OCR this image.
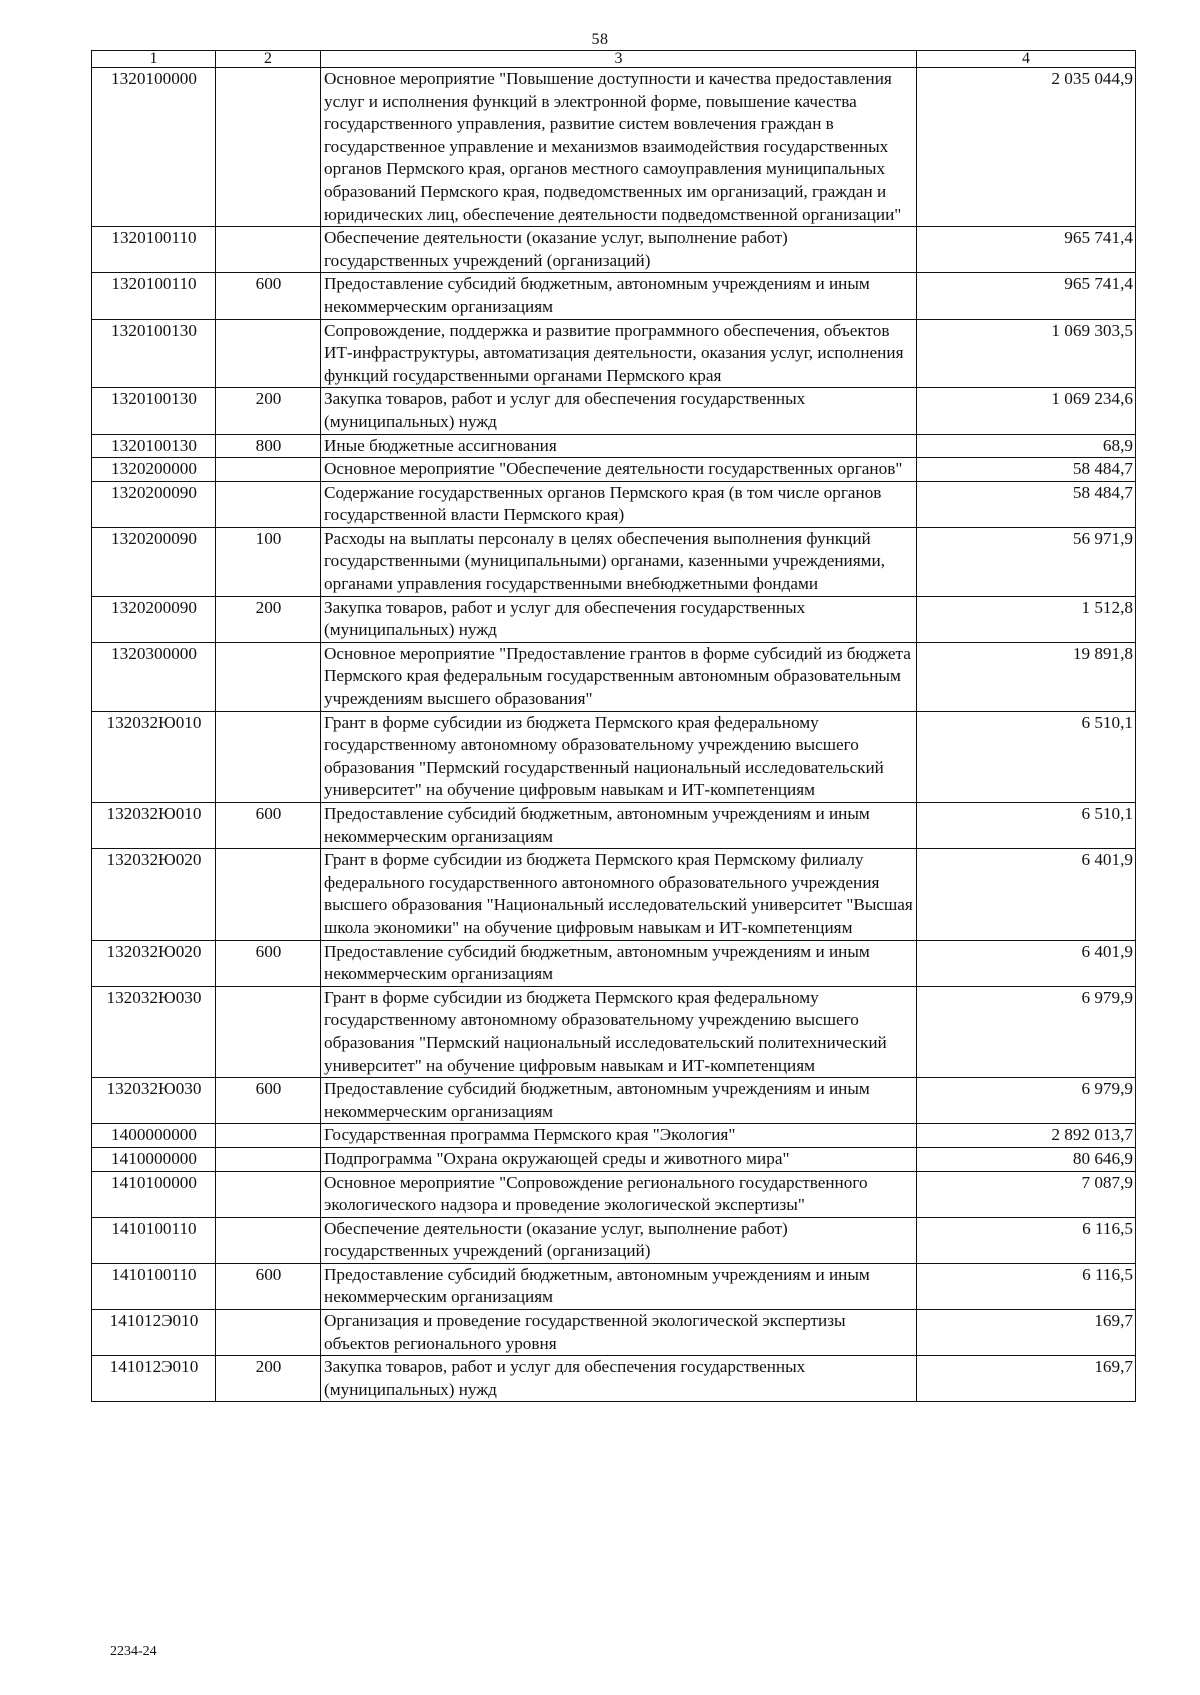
58
1	2	3	4
1320100000		Основное мероприятие "Повышение доступности и качества предоставления услуг и исполнения функций в электронной форме, повышение качества государственного управления, развитие систем вовлечения граждан в государственное управление и механизмов взаимодействия государственных органов Пермского края, органов местного самоуправления муниципальных образований Пермского края, подведомственных им организаций, граждан и юридических лиц, обеспечение деятельности подведомственной организации"	2 035 044,9
1320100110		Обеспечение деятельности (оказание услуг, выполнение работ) государственных учреждений (организаций)	965 741,4
1320100110	600	Предоставление субсидий бюджетным, автономным учреждениям и иным некоммерческим организациям	965 741,4
1320100130		Сопровождение, поддержка и развитие программного обеспечения, объектов ИТ-инфраструктуры, автоматизация деятельности, оказания услуг, исполнения функций государственными органами Пермского края	1 069 303,5
1320100130	200	Закупка товаров, работ и услуг для обеспечения государственных (муниципальных) нужд	1 069 234,6
1320100130	800	Иные бюджетные ассигнования	68,9
1320200000		Основное мероприятие "Обеспечение деятельности государственных органов"	58 484,7
1320200090		Содержание государственных органов Пермского края (в том числе органов государственной власти Пермского края)	58 484,7
1320200090	100	Расходы на выплаты персоналу в целях обеспечения выполнения функций государственными (муниципальными) органами, казенными учреждениями, органами управления государственными внебюджетными фондами	56 971,9
1320200090	200	Закупка товаров, работ и услуг для обеспечения государственных (муниципальных) нужд	1 512,8
1320300000		Основное мероприятие "Предоставление грантов в форме субсидий из бюджета Пермского края федеральным государственным автономным образовательным учреждениям высшего образования"	19 891,8
132032Ю010		Грант в форме субсидии из бюджета Пермского края федеральному государственному автономному образовательному учреждению высшего образования "Пермский государственный национальный исследовательский университет" на обучение цифровым навыкам и ИТ-компетенциям	6 510,1
132032Ю010	600	Предоставление субсидий бюджетным, автономным учреждениям и иным некоммерческим организациям	6 510,1
132032Ю020		Грант в форме субсидии из бюджета Пермского края Пермскому филиалу федерального государственного автономного образовательного учреждения высшего образования "Национальный исследовательский университет "Высшая школа экономики" на обучение цифровым навыкам и ИТ-компетенциям	6 401,9
132032Ю020	600	Предоставление субсидий бюджетным, автономным учреждениям и иным некоммерческим организациям	6 401,9
132032Ю030		Грант в форме субсидии из бюджета Пермского края федеральному государственному автономному образовательному учреждению высшего образования "Пермский национальный исследовательский политехнический университет" на обучение цифровым навыкам и ИТ-компетенциям	6 979,9
132032Ю030	600	Предоставление субсидий бюджетным, автономным учреждениям и иным некоммерческим организациям	6 979,9
1400000000		Государственная программа Пермского края "Экология"	2 892 013,7
1410000000		Подпрограмма "Охрана окружающей среды и животного мира"	80 646,9
1410100000		Основное мероприятие "Сопровождение регионального государственного экологического надзора и проведение экологической экспертизы"	7 087,9
1410100110		Обеспечение деятельности (оказание услуг, выполнение работ) государственных учреждений (организаций)	6 116,5
1410100110	600	Предоставление субсидий бюджетным, автономным учреждениям и иным некоммерческим организациям	6 116,5
141012Э010		Организация и проведение государственной экологической экспертизы объектов регионального уровня	169,7
141012Э010	200	Закупка товаров, работ и услуг для обеспечения государственных (муниципальных) нужд	169,7
2234-24
